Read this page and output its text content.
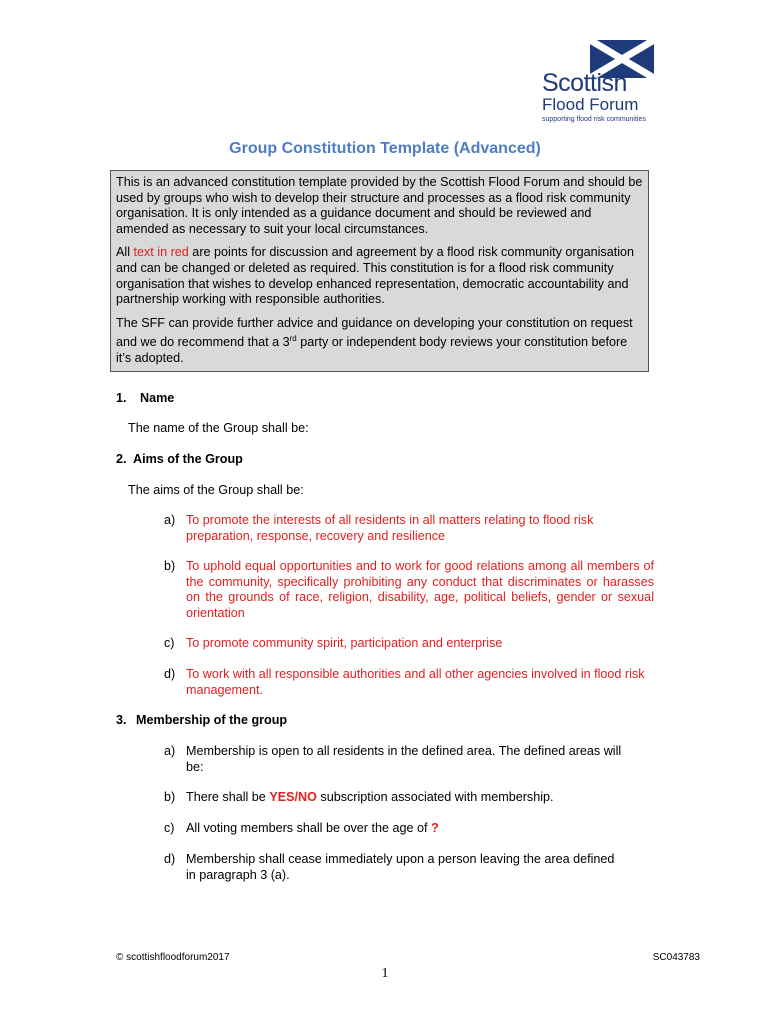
Scottish
Flood Forum
supporting flood risk communities
Group Constitution Template (Advanced)

This is an advanced constitution template provided by the Scottish Flood Forum and should be used by groups who wish to develop their structure and processes as a flood risk community organisation. It is only intended as a guidance document and should be reviewed and amended as necessary to suit your local circumstances.

All text in red are points for discussion and agreement by a flood risk community organisation and can be changed or deleted as required. This constitution is for a flood risk community organisation that wishes to develop enhanced representation, democratic accountability and partnership working with responsible authorities.

The SFF can provide further advice and guidance on developing your constitution on request and we do recommend that a 3rd party or independent body reviews your constitution before it’s adopted.

1. Name
The name of the Group shall be:
2. Aims of the Group
The aims of the Group shall be:
a) To promote the interests of all residents in all matters relating to flood risk preparation, response, recovery and resilience
b) To uphold equal opportunities and to work for good relations among all members of the community, specifically prohibiting any conduct that discriminates or harasses on the grounds of race, religion, disability, age, political beliefs, gender or sexual orientation
c) To promote community spirit, participation and enterprise
d) To work with all responsible authorities and all other agencies involved in flood risk management.
3. Membership of the group
a) Membership is open to all residents in the defined area. The defined areas will be:
b) There shall be YES/NO subscription associated with membership.
c) All voting members shall be over the age of ?
d) Membership shall cease immediately upon a person leaving the area defined in paragraph 3 (a).
© scottishfloodforum2017	SC043783
1
